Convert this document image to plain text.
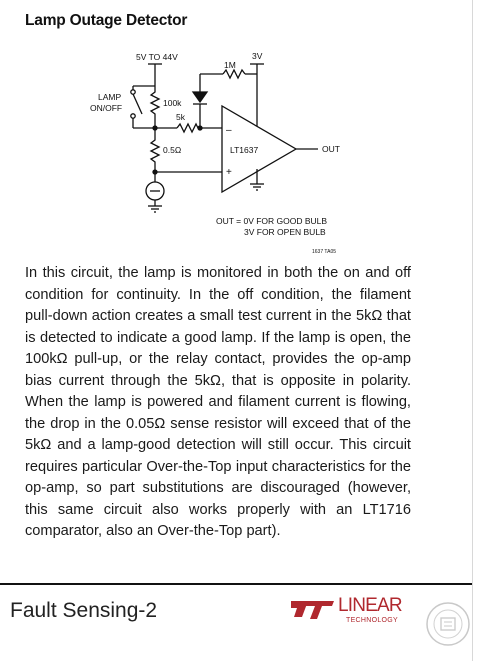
Lamp Outage Detector
5V TO 44V	3V
1M
LAMP
ON/OFF	100k
5k
0.5Ω	LT1637
–
+
OUT
OUT = 0V FOR GOOD BULB
3V FOR OPEN BULB
1637 TA05
In this circuit, the lamp is monitored in both the on and off condition for continuity. In the off condition, the filament pull-down action creates a small test current in the 5kΩ that is detected to indicate a good lamp. If the lamp is open, the 100kΩ pull-up, or the relay contact, provides the op-amp bias current through the 5kΩ, that is opposite in polarity. When the lamp is powered and filament current is flowing, the drop in the 0.05Ω sense resistor will exceed that of the 5kΩ and a lamp-good detection will still occur. This circuit requires particular Over-the-Top input characteristics for the op-amp, so part substitutions are discouraged (however, this same circuit also works properly with an LT1716 comparator, also an Over-the-Top part).
Fault Sensing-2	LINEAR
TECHNOLOGY
